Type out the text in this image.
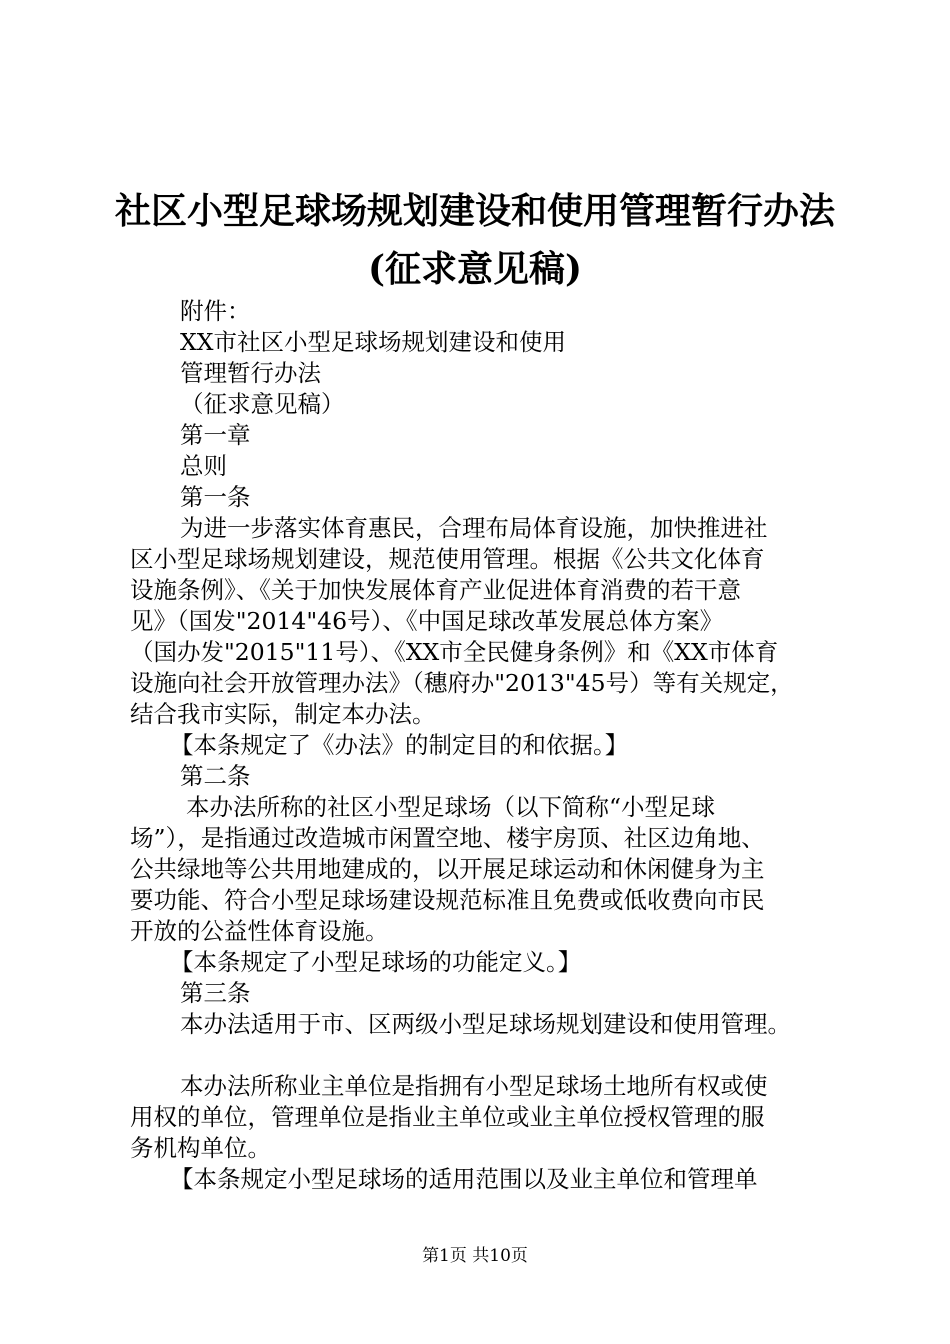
社区小型足球场规划建设和使用管理暂行办法
(征求意见稿)
附件：
XX市社区小型足球场规划建设和使用
管理暂行办法
（征求意见稿）
第一章
总则
第一条
为进一步落实体育惠民，合理布局体育设施，加快推进社
区小型足球场规划建设，规范使用管理。根据《公共文化体育
设施条例》、《关于加快发展体育产业促进体育消费的若干意
见》（国发"2014"46号）、《中国足球改革发展总体方案》
（国办发"2015"11号）、《XX市全民健身条例》和《XX市体育
设施向社会开放管理办法》（穗府办"2013"45号）等有关规定，
结合我市实际，制定本办法。
【本条规定了《办法》的制定目的和依据。】
第二条
本办法所称的社区小型足球场（以下简称“小型足球
场”），是指通过改造城市闲置空地、楼宇房顶、社区边角地、
公共绿地等公共用地建成的，以开展足球运动和休闲健身为主
要功能、符合小型足球场建设规范标准且免费或低收费向市民
开放的公益性体育设施。
【本条规定了小型足球场的功能定义。】
第三条
本办法适用于市、区两级小型足球场规划建设和使用管理。
本办法所称业主单位是指拥有小型足球场土地所有权或使
用权的单位，管理单位是指业主单位或业主单位授权管理的服
务机构单位。
【本条规定小型足球场的适用范围以及业主单位和管理单
第1页 共10页
